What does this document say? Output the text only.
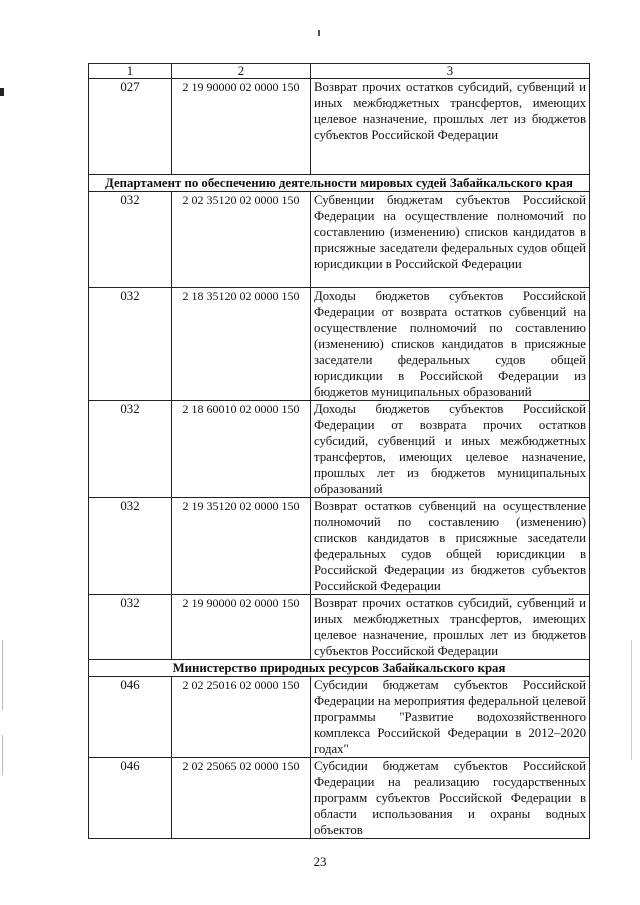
1	2	3
027	2 19 90000 02 0000 150	Возврат прочих остатков субсидий, субвенций и иных межбюджетных трансфертов, имеющих целевое назначение, прошлых лет из бюджетов субъектов Российской Федерации
Департамент по обеспечению деятельности мировых судей Забайкальского края		
032	2 02 35120 02 0000 150	Субвенции бюджетам субъектов Российской Федерации на осуществление полномочий по составлению (изменению) списков кандидатов в присяжные заседатели федеральных судов общей юрисдикции в Российской Федерации
032	2 18 35120 02 0000 150	Доходы бюджетов субъектов Российской Федерации от возврата остатков субвенций на осуществление полномочий по составлению (изменению) списков кандидатов в присяжные заседатели федеральных судов общей юрисдикции в Российской Федерации из бюджетов муниципальных образований
032	2 18 60010 02 0000 150	Доходы бюджетов субъектов Российской Федерации от возврата прочих остатков субсидий, субвенций и иных межбюджетных трансфертов, имеющих целевое назначение, прошлых лет из бюджетов муниципальных образований
032	2 19 35120 02 0000 150	Возврат остатков субвенций на осуществление полномочий по составлению (изменению) списков кандидатов в присяжные заседатели федеральных судов общей юрисдикции в Российской Федерации из бюджетов субъектов Российской Федерации
032	2 19 90000 02 0000 150	Возврат прочих остатков субсидий, субвенций и иных межбюджетных трансфертов, имеющих целевое назначение, прошлых лет из бюджетов субъектов Российской Федерации
Министерство природных ресурсов Забайкальского края		
046	2 02 25016 02 0000 150	Субсидии бюджетам субъектов Российской Федерации на мероприятия федеральной целевой программы "Развитие водохозяйственного комплекса Российской Федерации в 2012–2020 годах"
046	2 02 25065 02 0000 150	Субсидии бюджетам субъектов Российской Федерации на реализацию государственных программ субъектов Российской Федерации в области использования и охраны водных объектов
23
